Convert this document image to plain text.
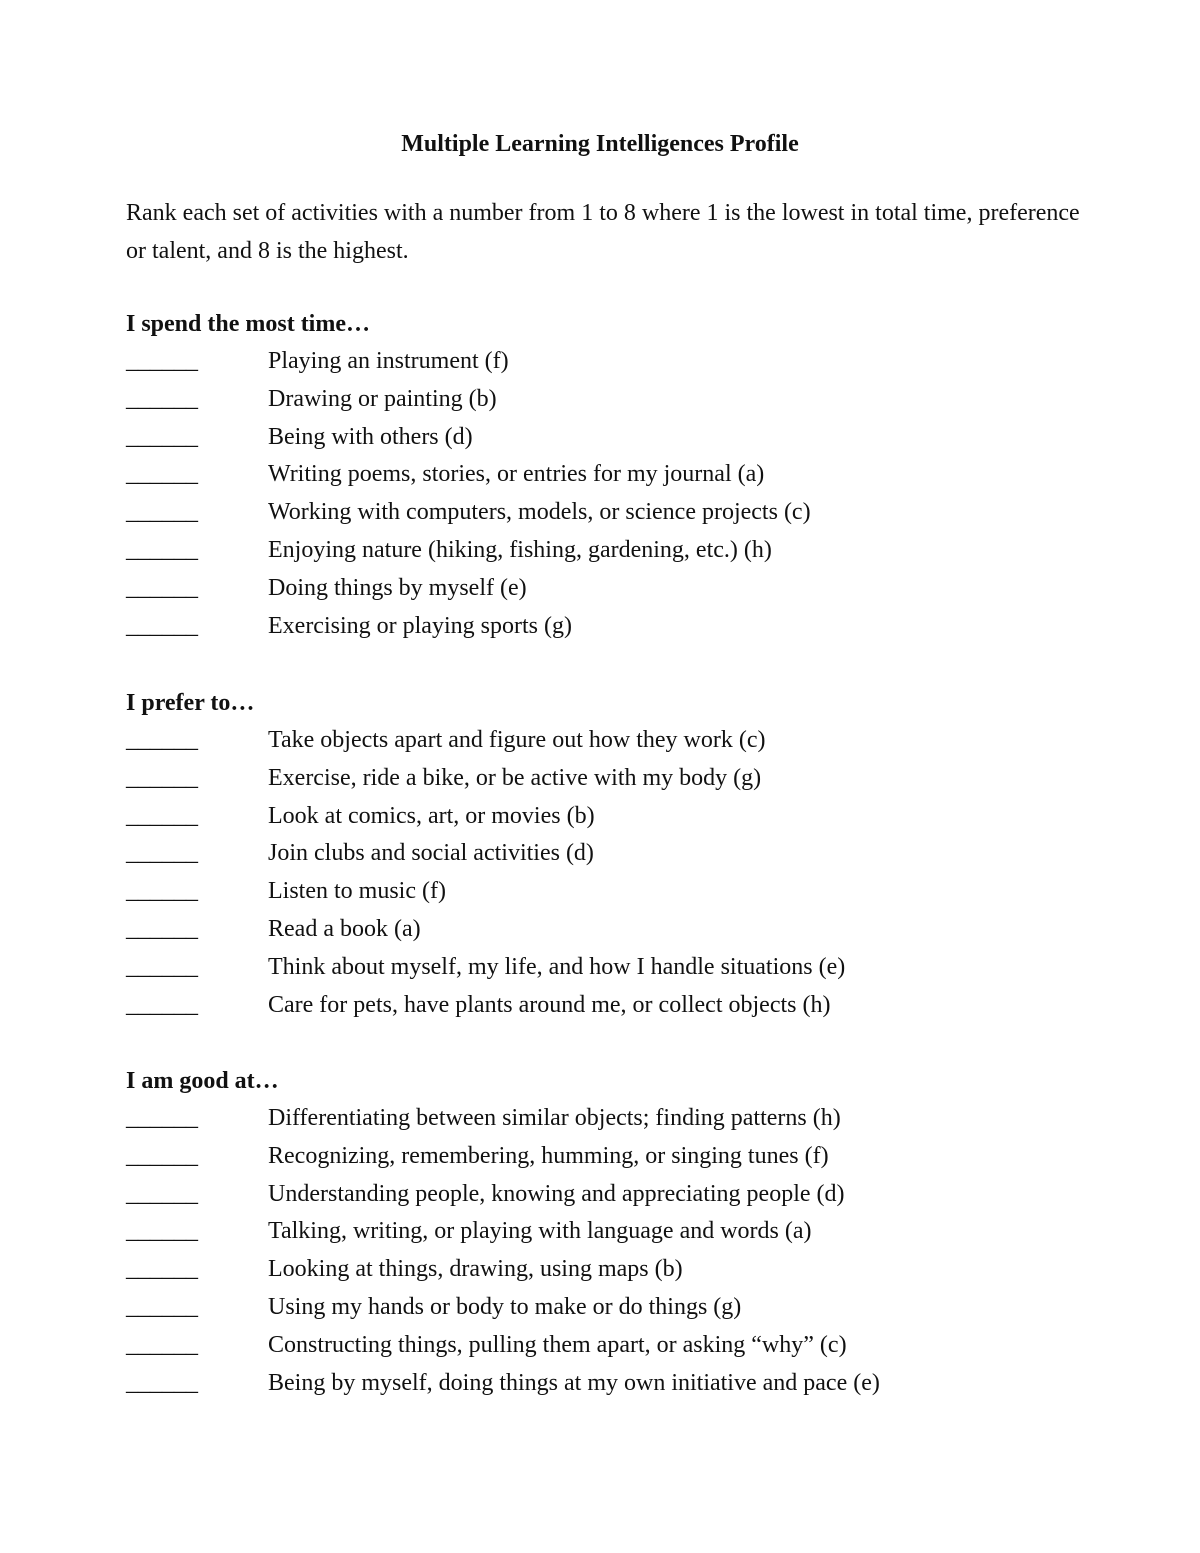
Multiple Learning Intelligences Profile
Rank each set of activities with a number from 1 to 8 where 1 is the lowest in total time, preference or talent, and 8 is the highest.
I spend the most time…
______	Playing an instrument (f)
______	Drawing or painting (b)
______	Being with others (d)
______	Writing poems, stories, or entries for my journal (a)
______	Working with computers, models, or science projects (c)
______	Enjoying nature (hiking, fishing, gardening, etc.) (h)
______	Doing things by myself (e)
______	Exercising or playing sports (g)
I prefer to…
______	Take objects apart and figure out how they work (c)
______	Exercise, ride a bike, or be active with my body (g)
______	Look at comics, art, or movies (b)
______	Join clubs and social activities (d)
______	Listen to music (f)
______	Read a book (a)
______	Think about myself, my life, and how I handle situations (e)
______	Care for pets, have plants around me, or collect objects (h)
I am good at…
______	Differentiating between similar objects; finding patterns (h)
______	Recognizing, remembering, humming, or singing tunes (f)
______	Understanding people, knowing and appreciating people (d)
______	Talking, writing, or playing with language and words (a)
______	Looking at things, drawing, using maps (b)
______	Using my hands or body to make or do things (g)
______	Constructing things, pulling them apart, or asking “why” (c)
______	Being by myself, doing things at my own initiative and pace (e)
